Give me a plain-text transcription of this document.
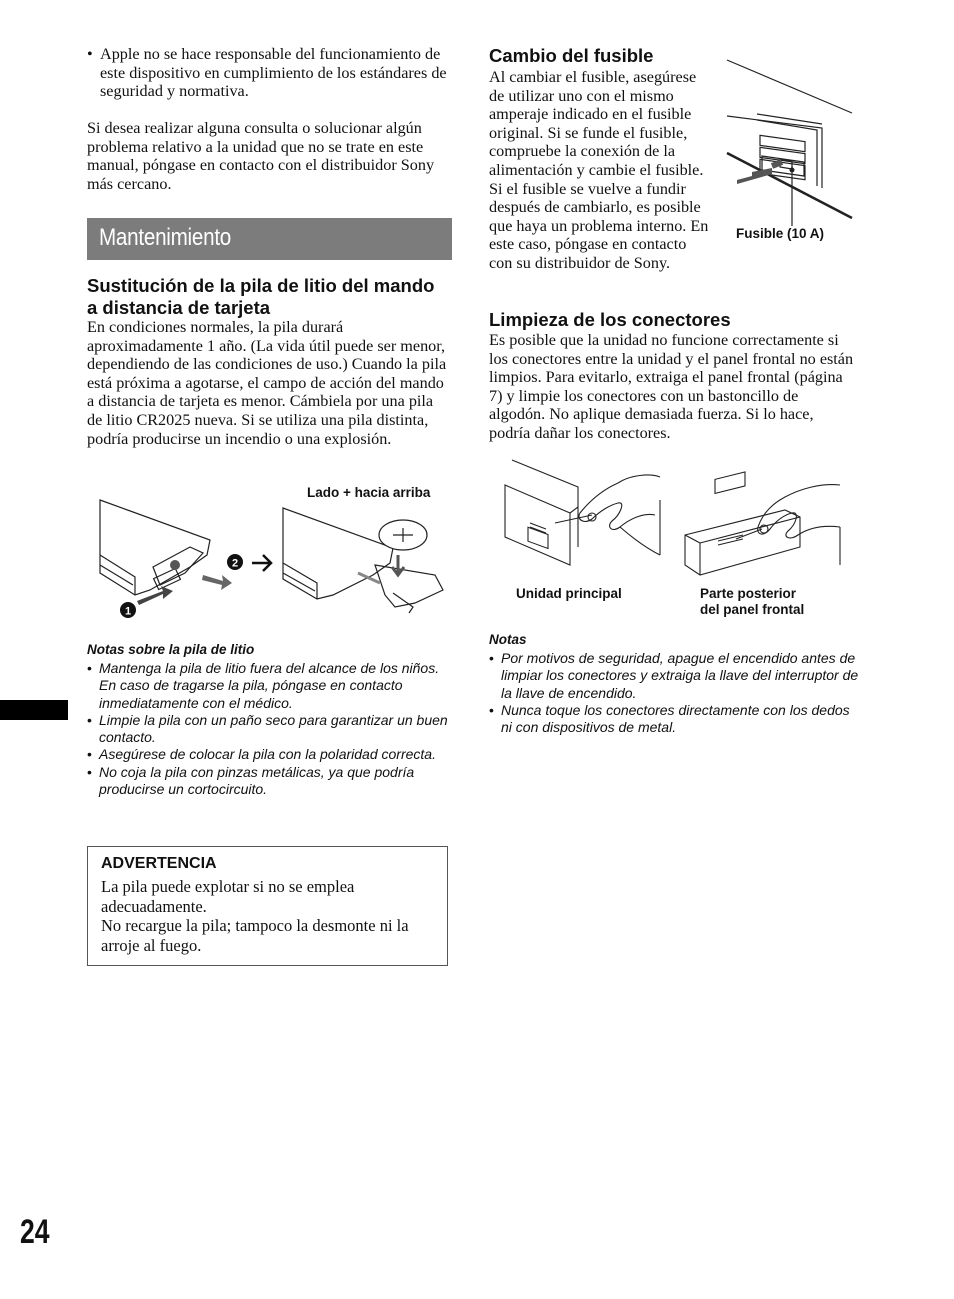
• Apple no se hace responsable del funcionamiento de este dispositivo en cumplimiento de los estándares de seguridad y normativa.

Si desea realizar alguna consulta o solucionar algún problema relativo a la unidad que no se trate en este manual, póngase en contacto con el distribuidor Sony más cercano.

Mantenimiento
Sustitución de la pila de litio del mando a distancia de tarjeta

En condiciones normales, la pila durará aproximadamente 1 año. (La vida útil puede ser menor, dependiendo de las condiciones de uso.) Cuando la pila está próxima a agotarse, el campo de acción del mando a distancia de tarjeta es menor. Cámbiela por una pila de litio CR2025 nueva. Si se utiliza una pila distinta, podría producirse un incendio o una explosión.

Lado + hacia arriba
1
2
Notas sobre la pila de litio
• Mantenga la pila de litio fuera del alcance de los niños. En caso de tragarse la pila, póngase en contacto inmediatamente con el médico.
• Limpie la pila con un paño seco para garantizar un buen contacto.
• Asegúrese de colocar la pila con la polaridad correcta.
• No coja la pila con pinzas metálicas, ya que podría producirse un cortocircuito.
ADVERTENCIA

La pila puede explotar si no se emplea adecuadamente.

No recargue la pila; tampoco la desmonte ni la arroje al fuego.

24
Cambio del fusible

Al cambiar el fusible, asegúrese de utilizar uno con el mismo amperaje indicado en el fusible original. Si se funde el fusible, compruebe la conexión de la alimentación y cambie el fusible. Si el fusible se vuelve a fundir después de cambiarlo, es posible que haya un problema interno. En este caso, póngase en contacto con su distribuidor de Sony.

Fusible (10 A)
Limpieza de los conectores

Es posible que la unidad no funcione correctamente si los conectores entre la unidad y el panel frontal no están limpios. Para evitarlo, extraiga el panel frontal (página 7) y limpie los conectores con un bastoncillo de algodón. No aplique demasiada fuerza. Si lo hace, podría dañar los conectores.

Unidad principal	Parte posterior
del panel frontal
Notas
• Por motivos de seguridad, apague el encendido antes de limpiar los conectores y extraiga la llave del interruptor de la llave de encendido.
• Nunca toque los conectores directamente con los dedos ni con dispositivos de metal.
